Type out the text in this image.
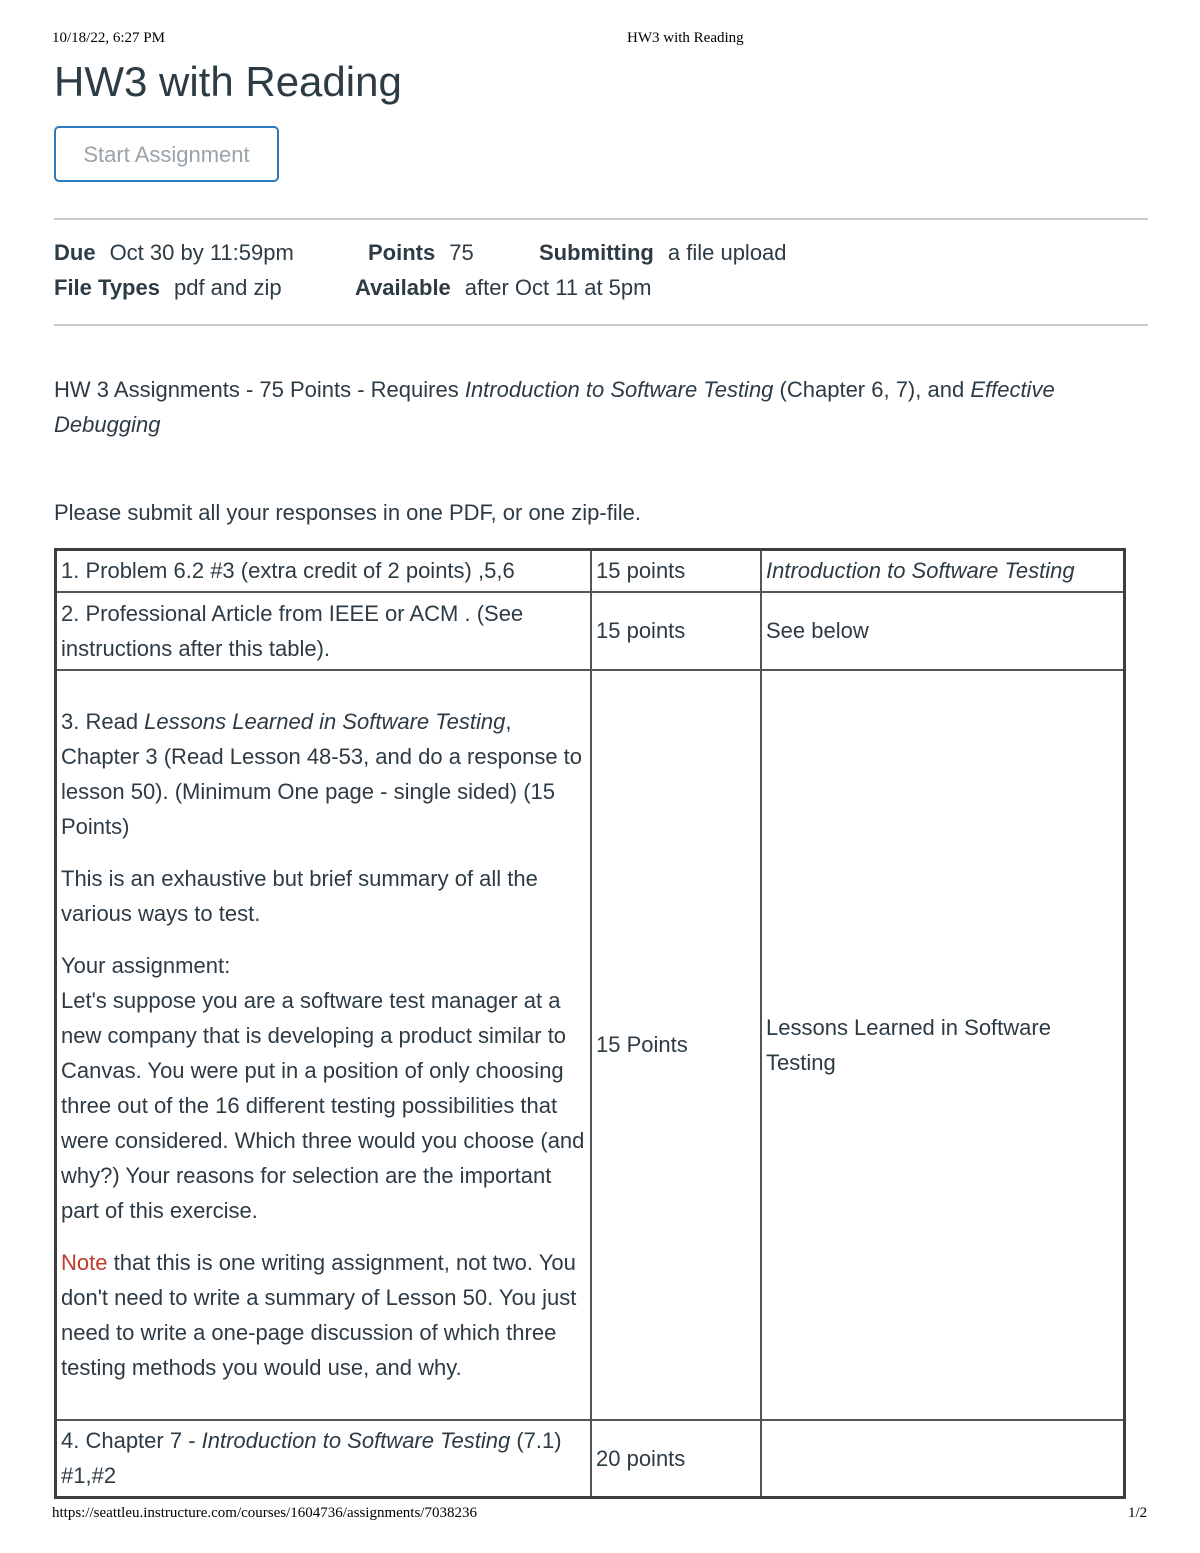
10/18/22, 6:27 PM	HW3 with Reading
HW3 with Reading
Start Assignment
Due Oct 30 by 11:59pm	Points 75	Submitting a file upload
File Types pdf and zip	Available after Oct 11 at 5pm
HW 3 Assignments - 75 Points - Requires Introduction to Software Testing (Chapter 6, 7), and Effective Debugging
Please submit all your responses in one PDF, or one zip-file.
1. Problem 6.2 #3 (extra credit of 2 points) ,5,6	15 points	Introduction to Software Testing
2. Professional Article from IEEE or ACM . (See instructions after this table).	15 points	See below

3. Read Lessons Learned in Software Testing, Chapter 3 (Read Lesson 48-53, and do a response to lesson 50). (Minimum One page - single sided) (15 Points)

This is an exhaustive but brief summary of all the various ways to test.

Your assignment:
Let's suppose you are a software test manager at a new company that is developing a product similar to Canvas. You were put in a position of only choosing three out of the 16 different testing possibilities that were considered. Which three would you choose (and why?) Your reasons for selection are the important part of this exercise.

Note that this is one writing assignment, not two. You don't need to write a summary of Lesson 50. You just need to write a one-page discussion of which three testing methods you would use, and why.	15 Points	Lessons Learned in Software Testing
4. Chapter 7 - Introduction to Software Testing (7.1) #1,#2	20 points	
https://seattleu.instructure.com/courses/1604736/assignments/7038236	1/2
